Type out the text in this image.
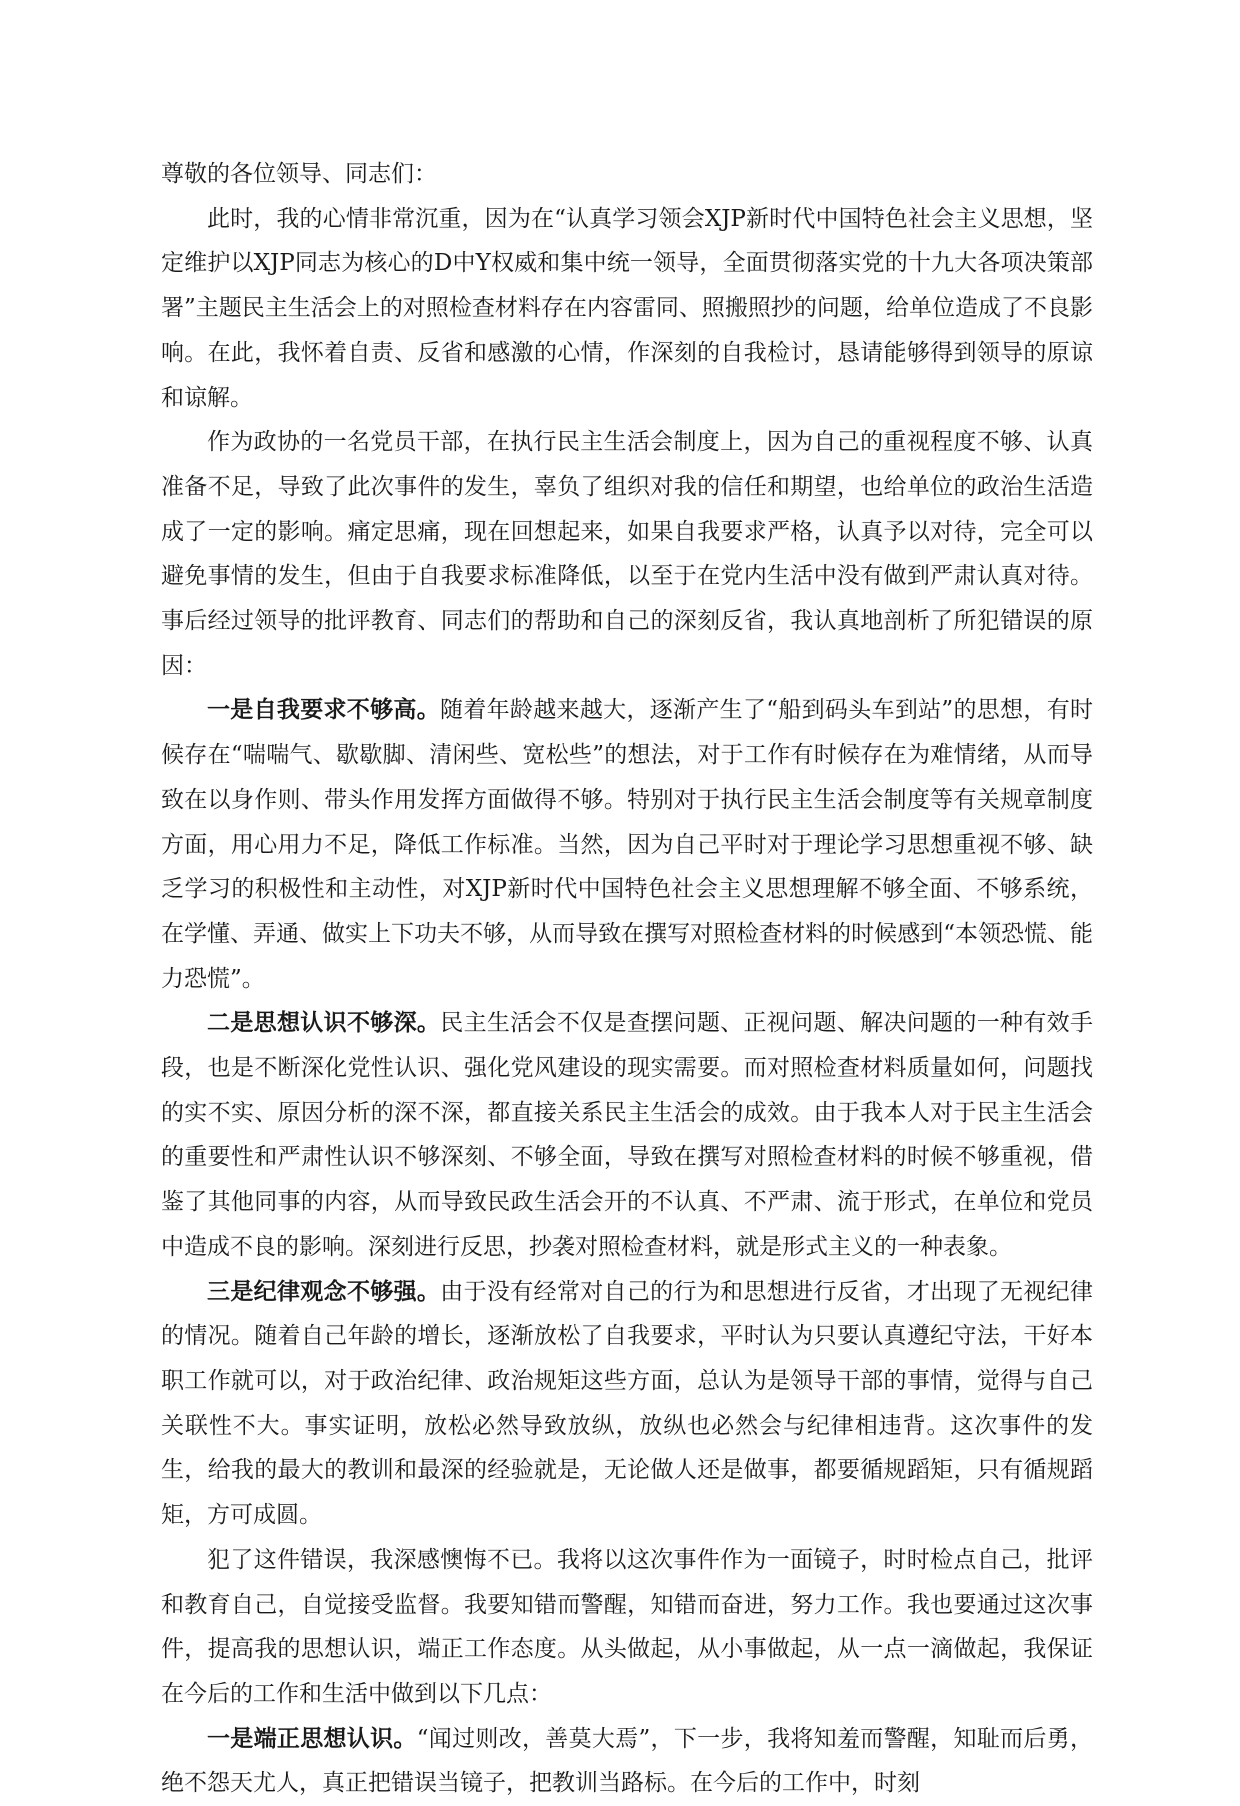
尊敬的各位领导、同志们：

此时，我的心情非常沉重，因为在“认真学习领会XJP新时代中国特色社会主义思想，坚定维护以XJP同志为核心的D中Y权威和集中统一领导，全面贯彻落实党的十九大各项决策部署”主题民主生活会上的对照检查材料存在内容雷同、照搬照抄的问题，给单位造成了不良影响。在此，我怀着自责、反省和感激的心情，作深刻的自我检讨，恳请能够得到领导的原谅和谅解。

作为政协的一名党员干部，在执行民主生活会制度上，因为自己的重视程度不够、认真准备不足，导致了此次事件的发生，辜负了组织对我的信任和期望，也给单位的政治生活造成了一定的影响。痛定思痛，现在回想起来，如果自我要求严格，认真予以对待，完全可以避免事情的发生，但由于自我要求标准降低，以至于在党内生活中没有做到严肃认真对待。事后经过领导的批评教育、同志们的帮助和自己的深刻反省，我认真地剖析了所犯错误的原因：

一是自我要求不够高。随着年龄越来越大，逐渐产生了“船到码头车到站”的思想，有时候存在“喘喘气、歇歇脚、清闲些、宽松些”的想法，对于工作有时候存在为难情绪，从而导致在以身作则、带头作用发挥方面做得不够。特别对于执行民主生活会制度等有关规章制度方面，用心用力不足，降低工作标准。当然，因为自己平时对于理论学习思想重视不够、缺乏学习的积极性和主动性，对XJP新时代中国特色社会主义思想理解不够全面、不够系统，在学懂、弄通、做实上下功夫不够，从而导致在撰写对照检查材料的时候感到“本领恐慌、能力恐慌”。

二是思想认识不够深。民主生活会不仅是查摆问题、正视问题、解决问题的一种有效手段，也是不断深化党性认识、强化党风建设的现实需要。而对照检查材料质量如何，问题找的实不实、原因分析的深不深，都直接关系民主生活会的成效。由于我本人对于民主生活会的重要性和严肃性认识不够深刻、不够全面，导致在撰写对照检查材料的时候不够重视，借鉴了其他同事的内容，从而导致民政生活会开的不认真、不严肃、流于形式，在单位和党员中造成不良的影响。深刻进行反思，抄袭对照检查材料，就是形式主义的一种表象。

三是纪律观念不够强。由于没有经常对自己的行为和思想进行反省，才出现了无视纪律的情况。随着自己年龄的增长，逐渐放松了自我要求，平时认为只要认真遵纪守法，干好本职工作就可以，对于政治纪律、政治规矩这些方面，总认为是领导干部的事情，觉得与自己关联性不大。事实证明，放松必然导致放纵，放纵也必然会与纪律相违背。这次事件的发生，给我的最大的教训和最深的经验就是，无论做人还是做事，都要循规蹈矩，只有循规蹈矩，方可成圆。

犯了这件错误，我深感懊悔不已。我将以这次事件作为一面镜子，时时检点自己，批评和教育自己，自觉接受监督。我要知错而警醒，知错而奋进，努力工作。我也要通过这次事件，提高我的思想认识，端正工作态度。从头做起，从小事做起，从一点一滴做起，我保证在今后的工作和生活中做到以下几点：

一是端正思想认识。“闻过则改，善莫大焉”，下一步，我将知羞而警醒，知耻而后勇，绝不怨天尤人，真正把错误当镜子，把教训当路标。在今后的工作中，时刻
